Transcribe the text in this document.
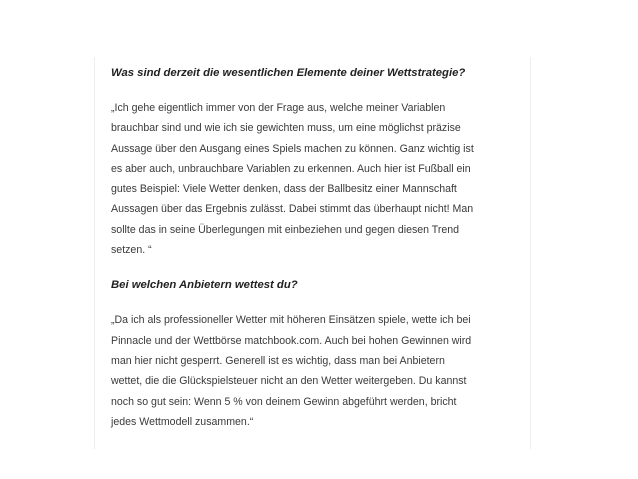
Was sind derzeit die wesentlichen Elemente deiner Wettstrategie?

„Ich gehe eigentlich immer von der Frage aus, welche meiner Variablen
brauchbar sind und wie ich sie gewichten muss, um eine möglichst präzise
Aussage über den Ausgang eines Spiels machen zu können. Ganz wichtig ist
es aber auch, unbrauchbare Variablen zu erkennen. Auch hier ist Fußball ein
gutes Beispiel: Viele Wetter denken, dass der Ballbesitz einer Mannschaft
Aussagen über das Ergebnis zulässt. Dabei stimmt das überhaupt nicht! Man
sollte das in seine Überlegungen mit einbeziehen und gegen diesen Trend
setzen. “

Bei welchen Anbietern wettest du?

„Da ich als professioneller Wetter mit höheren Einsätzen spiele, wette ich bei
Pinnacle und der Wettbörse matchbook.com. Auch bei hohen Gewinnen wird
man hier nicht gesperrt. Generell ist es wichtig, dass man bei Anbietern
wettet, die die Glückspielsteuer nicht an den Wetter weitergeben. Du kannst
noch so gut sein: Wenn 5 % von deinem Gewinn abgeführt werden, bricht
jedes Wettmodell zusammen.“
